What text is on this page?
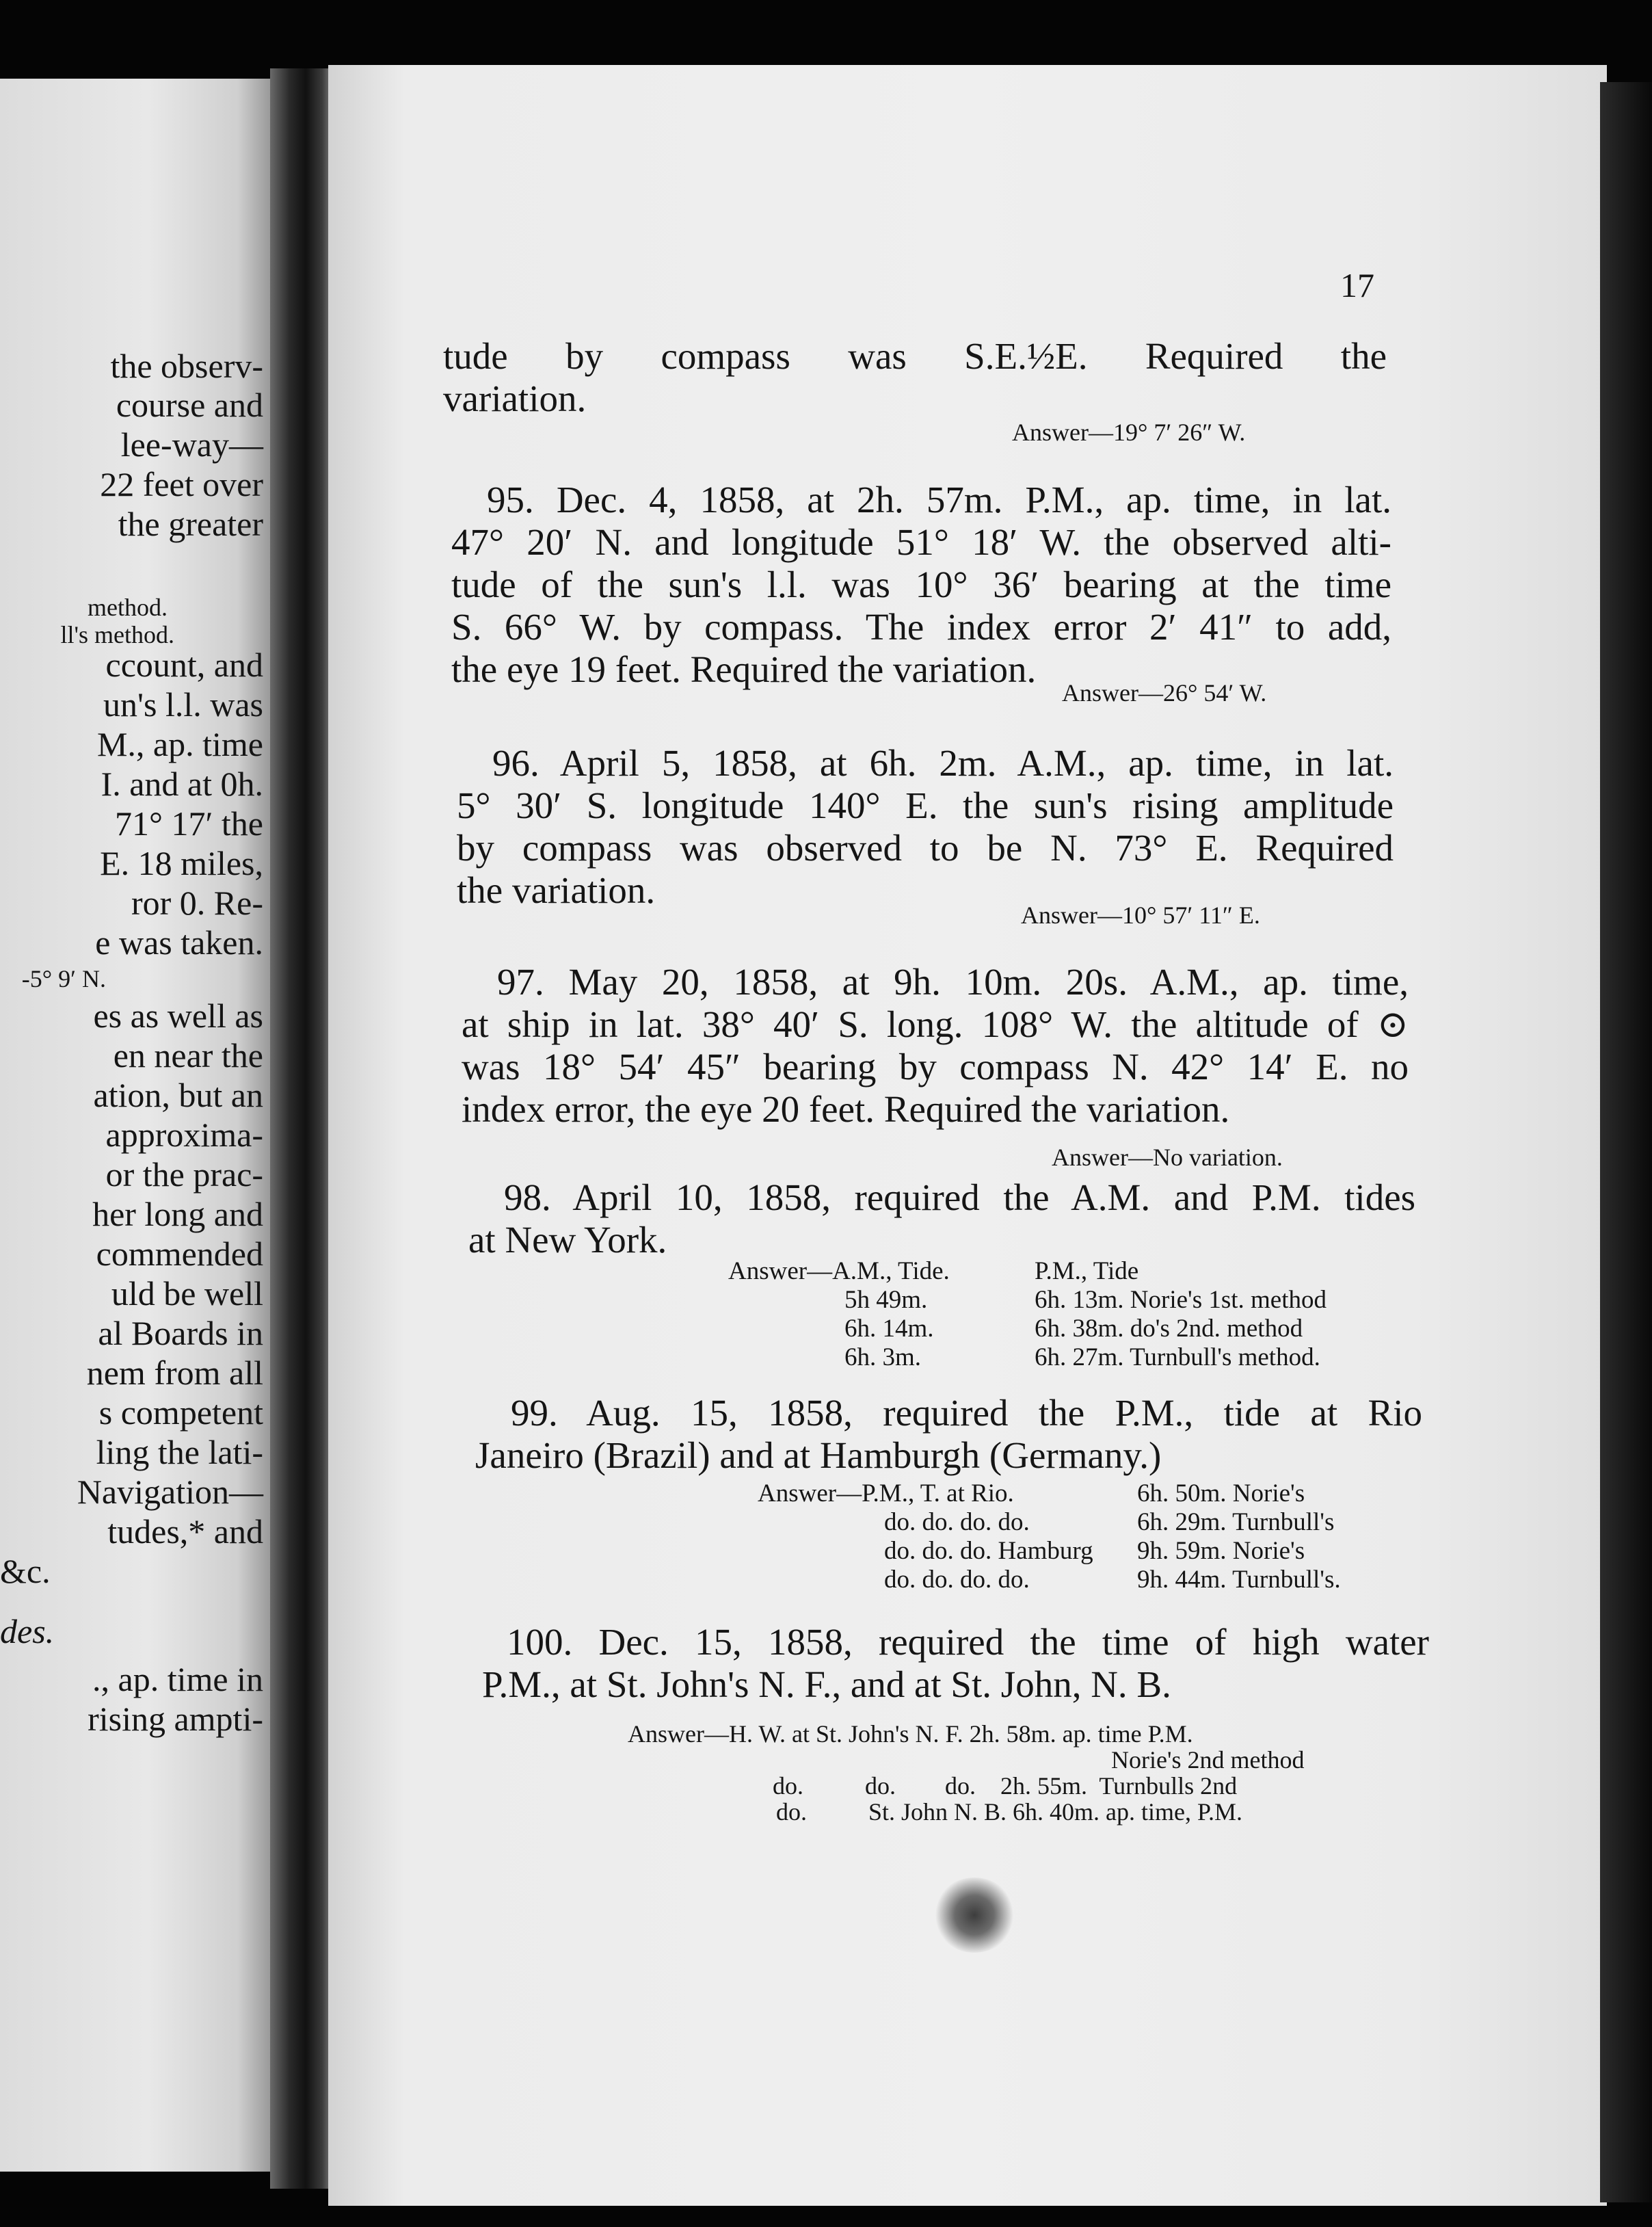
the observ-
course and
lee-way—
22 feet over
the greater
method.
ll's method.
ccount, and
un's l.l. was
M., ap. time
I. and at 0h.
71° 17′ the
E. 18 miles,
ror 0. Re-
e was taken.
-5° 9′ N.
es as well as
en near the
ation, but an
approxima-
or the prac-
her long and
commended
uld be well
al Boards in
nem from all
s competent
ling the lati-
Navigation—
tudes,* and
&c.
des.
., ap. time in
rising ampti-
17
tude by compass was S.E.½E. Required the
variation.
Answer—19° 7′ 26″ W.
95. Dec. 4, 1858, at 2h. 57m. P.M., ap. time, in lat.
47° 20′ N. and longitude 51° 18′ W. the observed alti-
tude of the sun's l.l. was 10° 36′ bearing at the time
S. 66° W. by compass. The index error 2′ 41″ to add,
the eye 19 feet. Required the variation.
Answer—26° 54′ W.
96. April 5, 1858, at 6h. 2m. A.M., ap. time, in lat.
5° 30′ S. longitude 140° E. the sun's rising amplitude
by compass was observed to be N. 73° E. Required
the variation.
Answer—10° 57′ 11″ E.
97. May 20, 1858, at 9h. 10m. 20s. A.M., ap. time,
at ship in lat. 38° 40′ S. long. 108° W. the altitude of ⊙
was 18° 54′ 45″ bearing by compass N. 42° 14′ E. no
index error, the eye 20 feet. Required the variation.
Answer—No variation.
98. April 10, 1858, required the A.M. and P.M. tides
at New York.
Answer—A.M., Tide.	P.M., Tide
5h 49m.	6h. 13m. Norie's 1st. method
6h. 14m.	6h. 38m. do's 2nd. method
6h. 3m.	6h. 27m. Turnbull's method.
99. Aug. 15, 1858, required the P.M., tide at Rio
Janeiro (Brazil) and at Hamburgh (Germany.)
Answer—P.M., T. at Rio.	6h. 50m. Norie's
do. do. do. do.	6h. 29m. Turnbull's
do. do. do. Hamburg	9h. 59m. Norie's
do. do. do. do.	9h. 44m. Turnbull's.
100. Dec. 15, 1858, required the time of high water
P.M., at St. John's N. F., and at St. John, N. B.
Answer—H. W. at St. John's N. F. 2h. 58m. ap. time P.M.
Norie's 2nd method
do.          do.        do.    2h. 55m.  Turnbulls 2nd
do.          St. John N. B. 6h. 40m. ap. time, P.M.
